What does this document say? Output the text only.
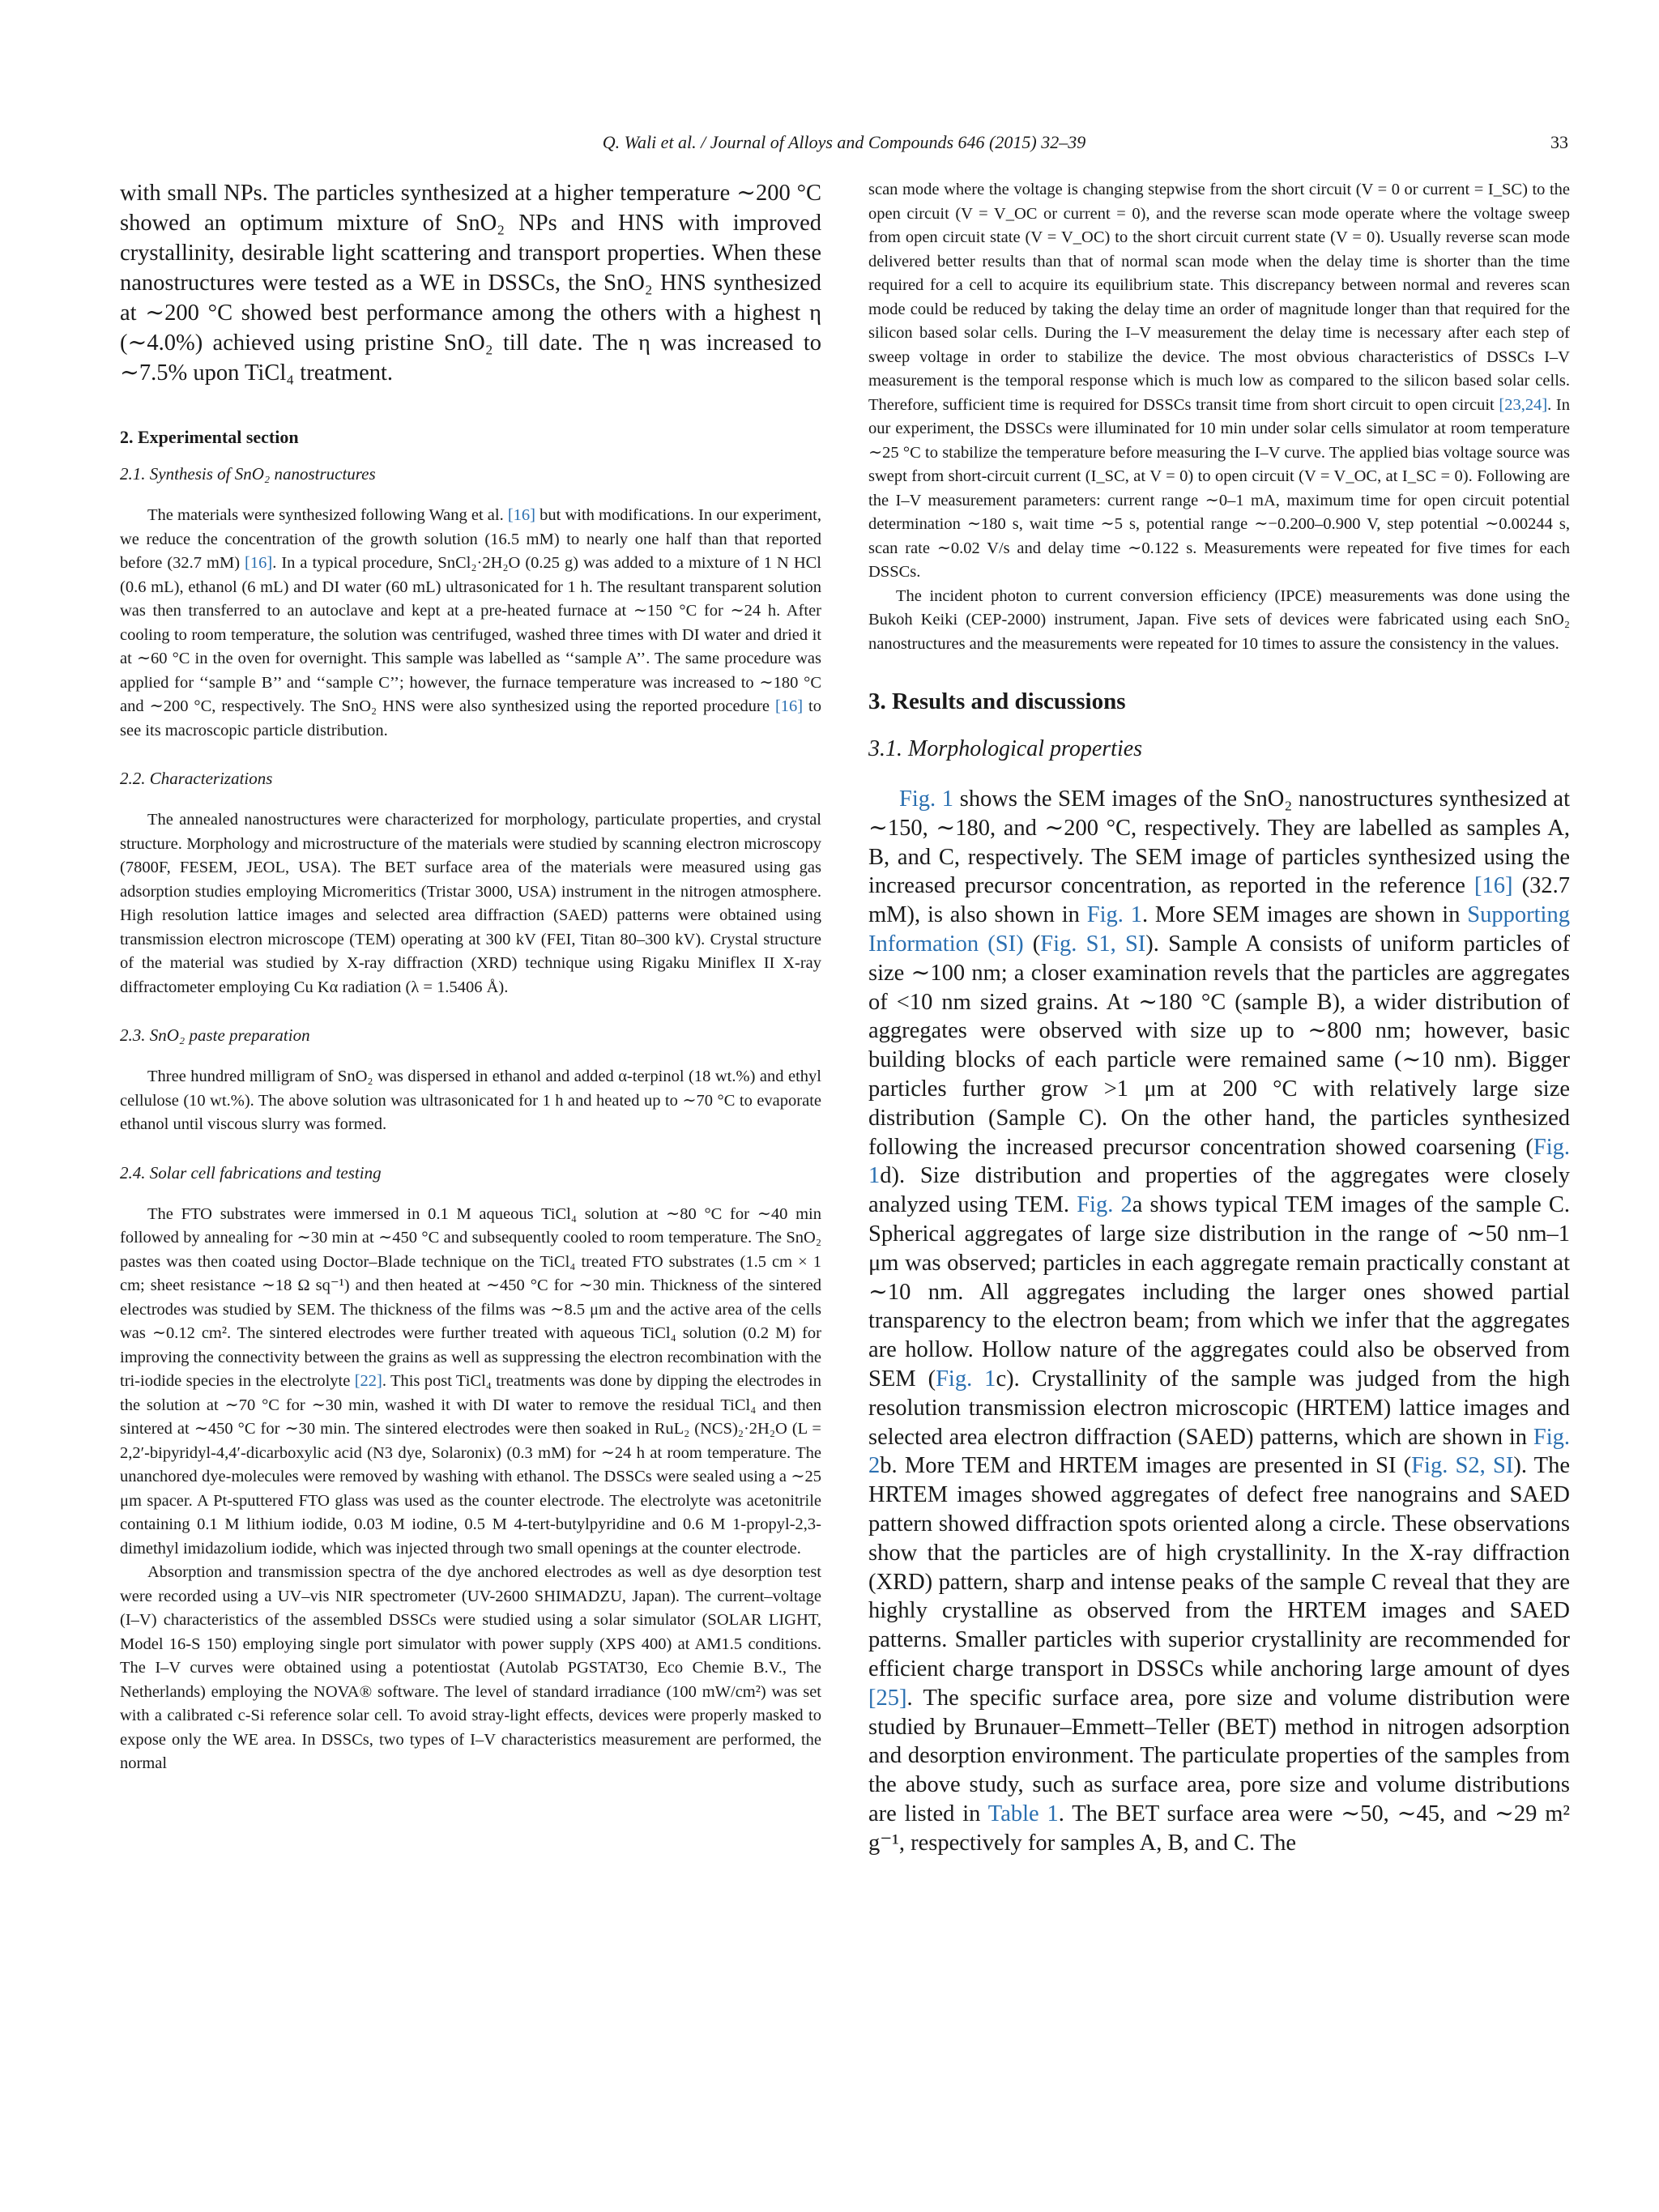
Q. Wali et al. / Journal of Alloys and Compounds 646 (2015) 32–39	33

with small NPs. The particles synthesized at a higher temperature ∼200 °C showed an optimum mixture of SnO₂ NPs and HNS with improved crystallinity, desirable light scattering and transport properties. When these nanostructures were tested as a WE in DSSCs, the SnO₂ HNS synthesized at ∼200 °C showed best performance among the others with a highest η (∼4.0%) achieved using pristine SnO₂ till date. The η was increased to ∼7.5% upon TiCl₄ treatment.

2. Experimental section
2.1. Synthesis of SnO₂ nanostructures

The materials were synthesized following Wang et al. [16] but with modifications. In our experiment, we reduce the concentration of the growth solution (16.5 mM) to nearly one half than that reported before (32.7 mM) [16]. In a typical procedure, SnCl₂·2H₂O (0.25 g) was added to a mixture of 1 N HCl (0.6 mL), ethanol (6 mL) and DI water (60 mL) ultrasonicated for 1 h. The resultant transparent solution was then transferred to an autoclave and kept at a pre-heated furnace at ∼150 °C for ∼24 h. After cooling to room temperature, the solution was centrifuged, washed three times with DI water and dried it at ∼60 °C in the oven for overnight. This sample was labelled as ‘‘sample A’’. The same procedure was applied for ‘‘sample B’’ and ‘‘sample C’’; however, the furnace temperature was increased to ∼180 °C and ∼200 °C, respectively. The SnO₂ HNS were also synthesized using the reported procedure [16] to see its macroscopic particle distribution.

2.2. Characterizations

The annealed nanostructures were characterized for morphology, particulate properties, and crystal structure. Morphology and microstructure of the materials were studied by scanning electron microscopy (7800F, FESEM, JEOL, USA). The BET surface area of the materials were measured using gas adsorption studies employing Micromeritics (Tristar 3000, USA) instrument in the nitrogen atmosphere. High resolution lattice images and selected area diffraction (SAED) patterns were obtained using transmission electron microscope (TEM) operating at 300 kV (FEI, Titan 80–300 kV). Crystal structure of the material was studied by X-ray diffraction (XRD) technique using Rigaku Miniflex II X-ray diffractometer employing Cu Kα radiation (λ = 1.5406 Å).

2.3. SnO₂ paste preparation

Three hundred milligram of SnO₂ was dispersed in ethanol and added α-terpinol (18 wt.%) and ethyl cellulose (10 wt.%). The above solution was ultrasonicated for 1 h and heated up to ∼70 °C to evaporate ethanol until viscous slurry was formed.

2.4. Solar cell fabrications and testing

The FTO substrates were immersed in 0.1 M aqueous TiCl₄ solution at ∼80 °C for ∼40 min followed by annealing for ∼30 min at ∼450 °C and subsequently cooled to room temperature. The SnO₂ pastes was then coated using Doctor–Blade technique on the TiCl₄ treated FTO substrates (1.5 cm × 1 cm; sheet resistance ∼18 Ω sq⁻¹) and then heated at ∼450 °C for ∼30 min. Thickness of the sintered electrodes was studied by SEM. The thickness of the films was ∼8.5 μm and the active area of the cells was ∼0.12 cm². The sintered electrodes were further treated with aqueous TiCl₄ solution (0.2 M) for improving the connectivity between the grains as well as suppressing the electron recombination with the tri-iodide species in the electrolyte [22]. This post TiCl₄ treatments was done by dipping the electrodes in the solution at ∼70 °C for ∼30 min, washed it with DI water to remove the residual TiCl₄ and then sintered at ∼450 °C for ∼30 min. The sintered electrodes were then soaked in RuL₂ (NCS)₂·2H₂O (L = 2,2′-bipyridyl-4,4′-dicarboxylic acid (N3 dye, Solaronix) (0.3 mM) for ∼24 h at room temperature. The unanchored dye-molecules were removed by washing with ethanol. The DSSCs were sealed using a ∼25 μm spacer. A Pt-sputtered FTO glass was used as the counter electrode. The electrolyte was acetonitrile containing 0.1 M lithium iodide, 0.03 M iodine, 0.5 M 4-tert-butylpyridine and 0.6 M 1-propyl-2,3-dimethyl imidazolium iodide, which was injected through two small openings at the counter electrode.

Absorption and transmission spectra of the dye anchored electrodes as well as dye desorption test were recorded using a UV–vis NIR spectrometer (UV-2600 SHIMADZU, Japan). The current–voltage (I–V) characteristics of the assembled DSSCs were studied using a solar simulator (SOLAR LIGHT, Model 16-S 150) employing single port simulator with power supply (XPS 400) at AM1.5 conditions. The I–V curves were obtained using a potentiostat (Autolab PGSTAT30, Eco Chemie B.V., The Netherlands) employing the NOVA® software. The level of standard irradiance (100 mW/cm²) was set with a calibrated c-Si reference solar cell. To avoid stray-light effects, devices were properly masked to expose only the WE area. In DSSCs, two types of I–V characteristics measurement are performed, the normal

scan mode where the voltage is changing stepwise from the short circuit (V = 0 or current = I_SC) to the open circuit (V = V_OC or current = 0), and the reverse scan mode operate where the voltage sweep from open circuit state (V = V_OC) to the short circuit current state (V = 0). Usually reverse scan mode delivered better results than that of normal scan mode when the delay time is shorter than the time required for a cell to acquire its equilibrium state. This discrepancy between normal and reveres scan mode could be reduced by taking the delay time an order of magnitude longer than that required for the silicon based solar cells. During the I–V measurement the delay time is necessary after each step of sweep voltage in order to stabilize the device. The most obvious characteristics of DSSCs I–V measurement is the temporal response which is much low as compared to the silicon based solar cells. Therefore, sufficient time is required for DSSCs transit time from short circuit to open circuit [23,24]. In our experiment, the DSSCs were illuminated for 10 min under solar cells simulator at room temperature ∼25 °C to stabilize the temperature before measuring the I–V curve. The applied bias voltage source was swept from short-circuit current (I_SC, at V = 0) to open circuit (V = V_OC, at I_SC = 0). Following are the I–V measurement parameters: current range ∼0–1 mA, maximum time for open circuit potential determination ∼180 s, wait time ∼5 s, potential range ∼−0.200–0.900 V, step potential ∼0.00244 s, scan rate ∼0.02 V/s and delay time ∼0.122 s. Measurements were repeated for five times for each DSSCs.

The incident photon to current conversion efficiency (IPCE) measurements was done using the Bukoh Keiki (CEP-2000) instrument, Japan. Five sets of devices were fabricated using each SnO₂ nanostructures and the measurements were repeated for 10 times to assure the consistency in the values.

3. Results and discussions
3.1. Morphological properties

Fig. 1 shows the SEM images of the SnO₂ nanostructures synthesized at ∼150, ∼180, and ∼200 °C, respectively. They are labelled as samples A, B, and C, respectively. The SEM image of particles synthesized using the increased precursor concentration, as reported in the reference [16] (32.7 mM), is also shown in Fig. 1. More SEM images are shown in Supporting Information (SI) (Fig. S1, SI). Sample A consists of uniform particles of size ∼100 nm; a closer examination revels that the particles are aggregates of <10 nm sized grains. At ∼180 °C (sample B), a wider distribution of aggregates were observed with size up to ∼800 nm; however, basic building blocks of each particle were remained same (∼10 nm). Bigger particles further grow >1 μm at 200 °C with relatively large size distribution (Sample C). On the other hand, the particles synthesized following the increased precursor concentration showed coarsening (Fig. 1d). Size distribution and properties of the aggregates were closely analyzed using TEM. Fig. 2a shows typical TEM images of the sample C. Spherical aggregates of large size distribution in the range of ∼50 nm–1 μm was observed; particles in each aggregate remain practically constant at ∼10 nm. All aggregates including the larger ones showed partial transparency to the electron beam; from which we infer that the aggregates are hollow. Hollow nature of the aggregates could also be observed from SEM (Fig. 1c). Crystallinity of the sample was judged from the high resolution transmission electron microscopic (HRTEM) lattice images and selected area electron diffraction (SAED) patterns, which are shown in Fig. 2b. More TEM and HRTEM images are presented in SI (Fig. S2, SI). The HRTEM images showed aggregates of defect free nanograins and SAED pattern showed diffraction spots oriented along a circle. These observations show that the particles are of high crystallinity. In the X-ray diffraction (XRD) pattern, sharp and intense peaks of the sample C reveal that they are highly crystalline as observed from the HRTEM images and SAED patterns. Smaller particles with superior crystallinity are recommended for efficient charge transport in DSSCs while anchoring large amount of dyes [25]. The specific surface area, pore size and volume distribution were studied by Brunauer–Emmett–Teller (BET) method in nitrogen adsorption and desorption environment. The particulate properties of the samples from the above study, such as surface area, pore size and volume distributions are listed in Table 1. The BET surface area were ∼50, ∼45, and ∼29 m² g⁻¹, respectively for samples A, B, and C. The
